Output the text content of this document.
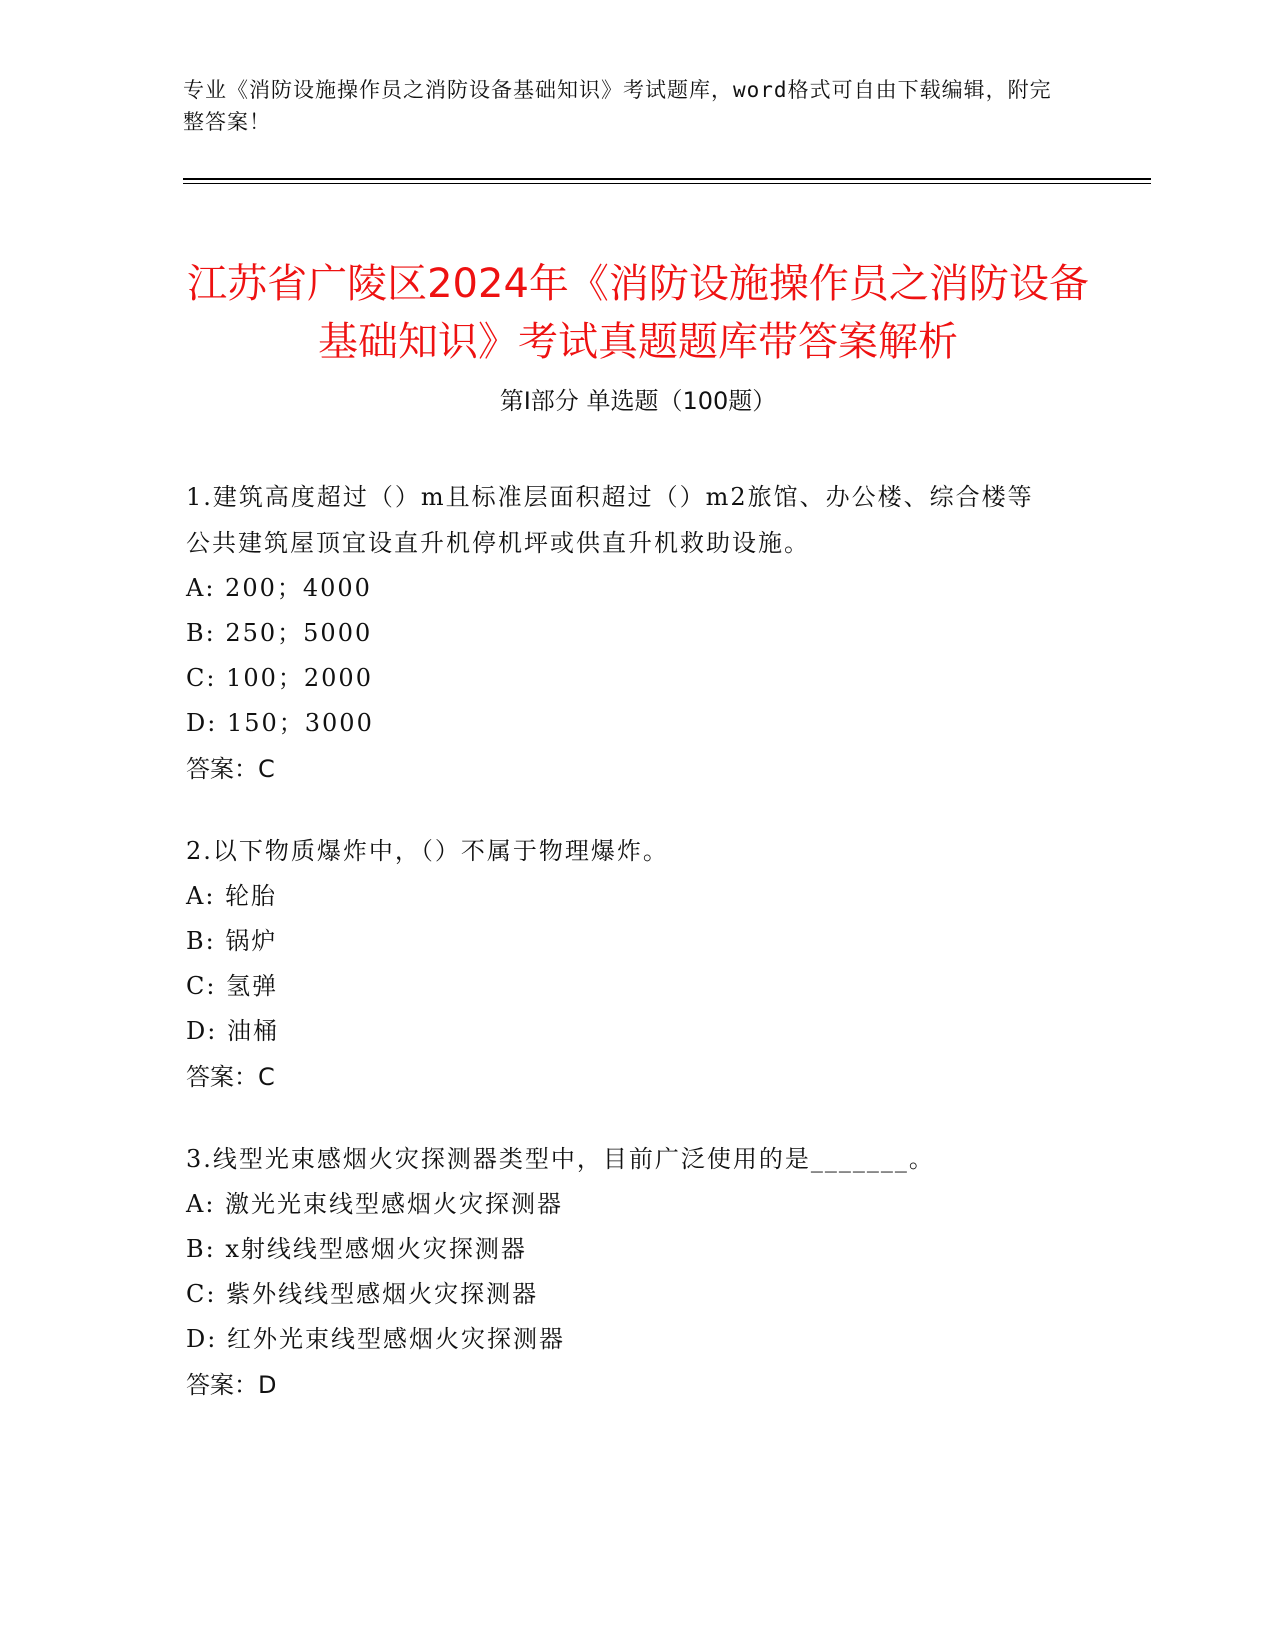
专业《消防设施操作员之消防设备基础知识》考试题库，word格式可自由下载编辑，附完整答案！
江苏省广陵区2024年《消防设施操作员之消防设备基础知识》考试真题题库带答案解析
第Ⅰ部分 单选题（100题）
1.建筑高度超过（）m且标准层面积超过（）m2旅馆、办公楼、综合楼等公共建筑屋顶宜设直升机停机坪或供直升机救助设施。
A: 200；4000
B: 250；5000
C: 100；2000
D: 150；3000
答案：C
2.以下物质爆炸中，（）不属于物理爆炸。
A: 轮胎
B: 锅炉
C: 氢弹
D: 油桶
答案：C
3.线型光束感烟火灾探测器类型中，目前广泛使用的是_______。
A: 激光光束线型感烟火灾探测器
B: x射线线型感烟火灾探测器
C: 紫外线线型感烟火灾探测器
D: 红外光束线型感烟火灾探测器
答案：D
